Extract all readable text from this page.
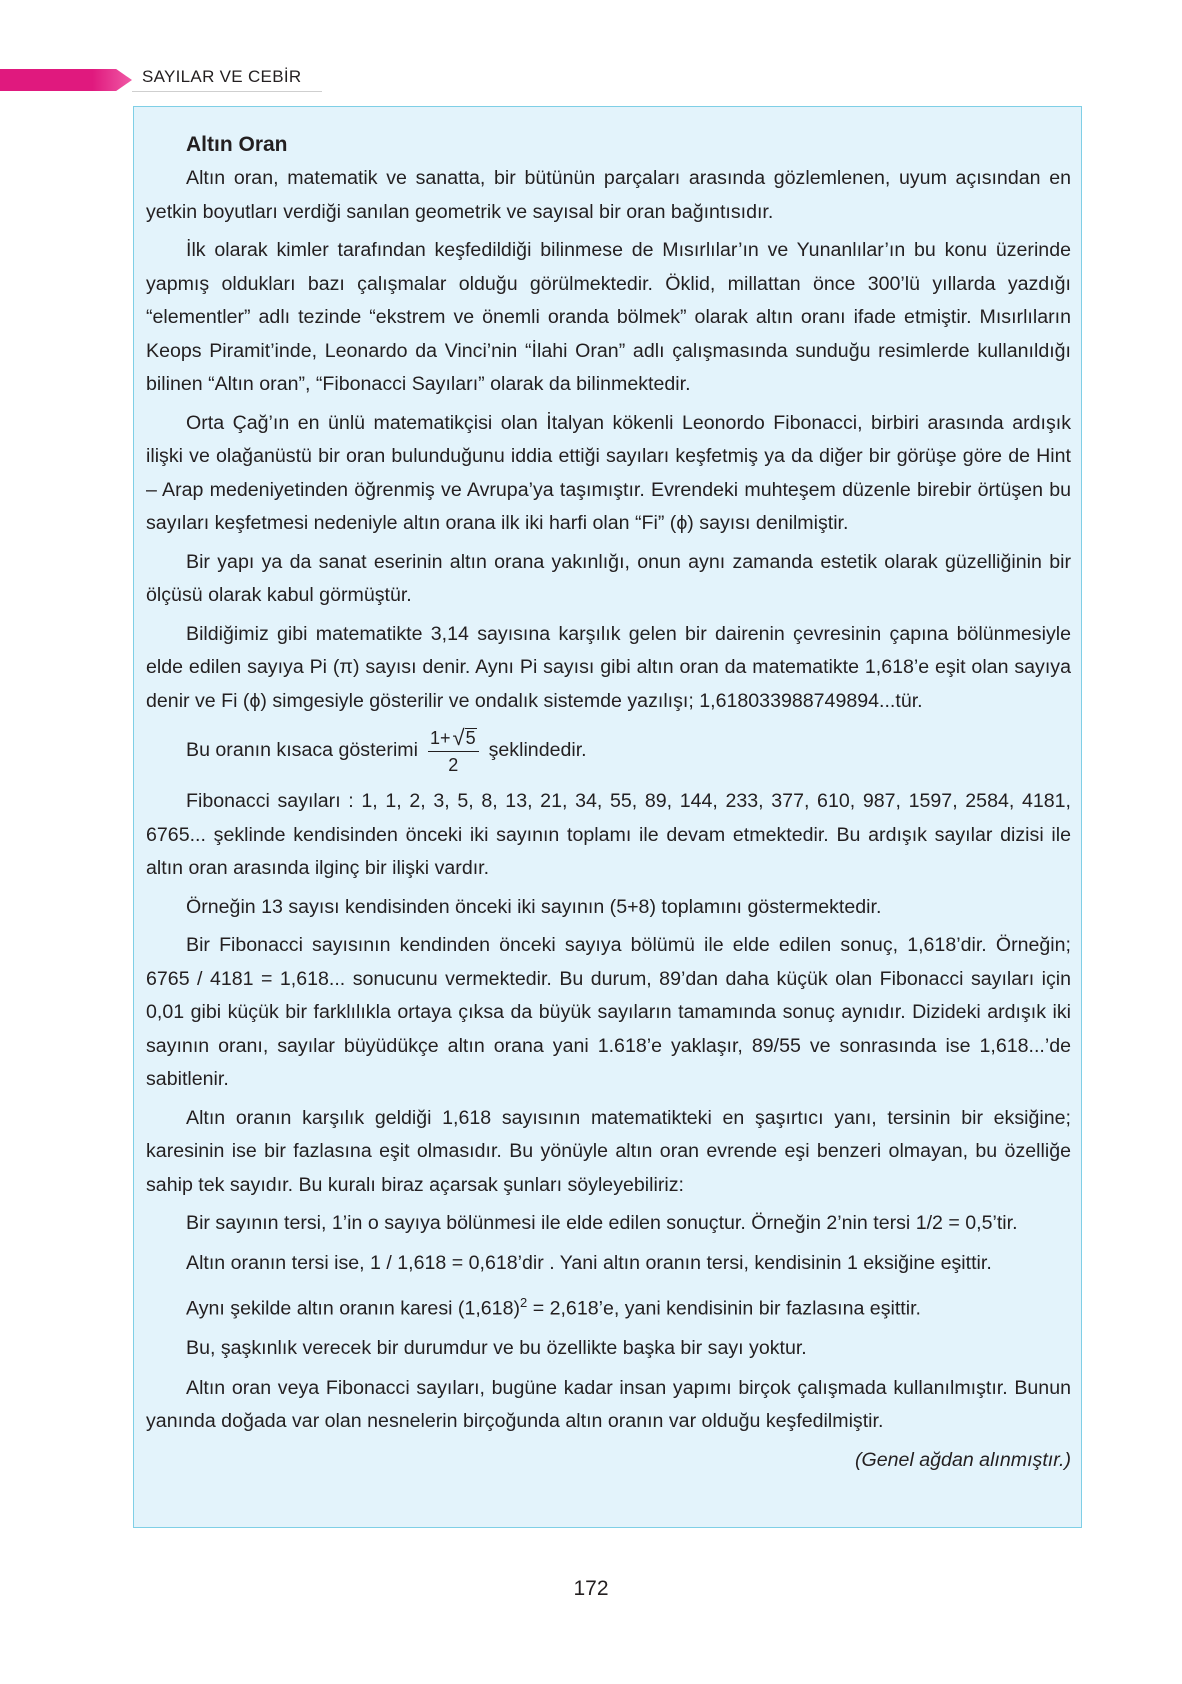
SAYILAR VE CEBİR
Altın Oran

Altın oran, matematik ve sanatta, bir bütünün parçaları arasında gözlemlenen, uyum açısından en yetkin boyutları verdiği sanılan geometrik ve sayısal bir oran bağıntısıdır.

İlk olarak kimler tarafından keşfedildiği bilinmese de Mısırlılar’ın ve Yunanlılar’ın bu konu üzerinde yapmış oldukları bazı çalışmalar olduğu görülmektedir. Öklid, millattan önce 300’lü yıllarda yazdığı “elementler” adlı tezinde “ekstrem ve önemli oranda bölmek” olarak altın oranı ifade etmiştir. Mısırlıların Keops Piramit’inde, Leonardo da Vinci’nin “İlahi Oran” adlı çalışmasında sunduğu resimlerde kullanıldığı bilinen “Altın oran”, “Fibonacci Sayıları” olarak da bilinmektedir.

Orta Çağ’ın en ünlü matematikçisi olan İtalyan kökenli Leonordo Fibonacci, birbiri arasında ardışık ilişki ve olağanüstü bir oran bulunduğunu iddia ettiği sayıları keşfetmiş ya da diğer bir görüşe göre de Hint – Arap medeniyetinden öğrenmiş ve Avrupa’ya taşımıştır. Evrendeki muhteşem düzenle birebir örtüşen bu sayıları keşfetmesi nedeniyle altın orana ilk iki harfi olan “Fi” (ϕ) sayısı denilmiştir.

Bir yapı ya da sanat eserinin altın orana yakınlığı, onun aynı zamanda estetik olarak güzelliğinin bir ölçüsü olarak kabul görmüştür.

Bildiğimiz gibi matematikte 3,14 sayısına karşılık gelen bir dairenin çevresinin çapına bölünmesiyle elde edilen sayıya Pi (π) sayısı denir. Aynı Pi sayısı gibi altın oran da matematikte 1,618’e eşit olan sayıya denir ve Fi (ϕ) simgesiyle gösterilir ve ondalık sistemde yazılışı; 1,618033988749894...tür.

Bu oranın kısaca gösterimi $\frac{1+ √ 5}{2}$ şeklindedir.

Fibonacci sayıları : 1, 1, 2, 3, 5, 8, 13, 21, 34, 55, 89, 144, 233, 377, 610, 987, 1597, 2584, 4181, 6765... şeklinde kendisinden önceki iki sayının toplamı ile devam etmektedir. Bu ardışık sayılar dizisi ile altın oran arasında ilginç bir ilişki vardır.

Örneğin 13 sayısı kendisinden önceki iki sayının (5+8) toplamını göstermektedir.

Bir Fibonacci sayısının kendinden önceki sayıya bölümü ile elde edilen sonuç, 1,618’dir. Örneğin; 6765 / 4181 = 1,618... sonucunu vermektedir. Bu durum, 89’dan daha küçük olan Fibonacci sayıları için 0,01 gibi küçük bir farklılıkla ortaya çıksa da büyük sayıların tamamında sonuç aynıdır. Dizideki ardışık iki sayının oranı, sayılar büyüdükçe altın orana yani 1.618’e yaklaşır, 89/55 ve sonrasında ise 1,618...’de sabitlenir.

Altın oranın karşılık geldiği 1,618 sayısının matematikteki en şaşırtıcı yanı, tersinin bir eksiğine; karesinin ise bir fazlasına eşit olmasıdır. Bu yönüyle altın oran evrende eşi benzeri olmayan, bu özelliğe sahip tek sayıdır. Bu kuralı biraz açarsak şunları söyleyebiliriz:

Bir sayının tersi, 1’in o sayıya bölünmesi ile elde edilen sonuçtur. Örneğin 2’nin tersi 1/2 = 0,5’tir.

Altın oranın tersi ise, 1 / 1,618 = 0,618’dir . Yani altın oranın tersi, kendisinin 1 eksiğine eşittir.

Aynı şekilde altın oranın karesi $(1,618)^2$ = 2,618’e, yani kendisinin bir fazlasına eşittir.

Bu, şaşkınlık verecek bir durumdur ve bu özellikte başka bir sayı yoktur.

Altın oran veya Fibonacci sayıları, bugüne kadar insan yapımı birçok çalışmada kullanılmıştır. Bunun yanında doğada var olan nesnelerin birçoğunda altın oranın var olduğu keşfedilmiştir.

(Genel ağdan alınmıştır.)
172
